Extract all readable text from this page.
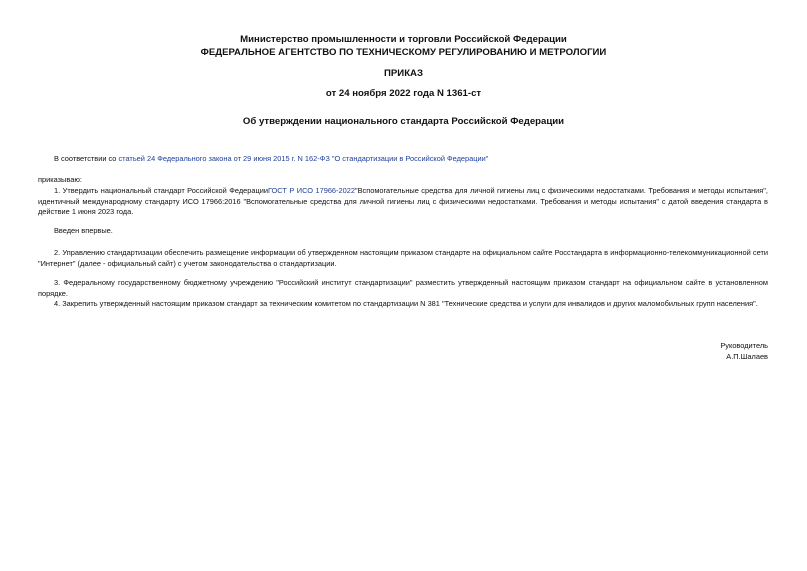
Министерство промышленности и торговли Российской Федерации
ФЕДЕРАЛЬНОЕ АГЕНТСТВО ПО ТЕХНИЧЕСКОМУ РЕГУЛИРОВАНИЮ И МЕТРОЛОГИИ
ПРИКАЗ
от 24 ноября 2022 года N 1361-ст
Об утверждении национального стандарта Российской Федерации
В соответствии со статьей 24 Федерального закона от 29 июня 2015 г. N 162-ФЗ "О стандартизации в Российской Федерации"
приказываю:
1. Утвердить национальный стандарт Российской ФедерацииГОСТ Р ИСО 17966-2022"Вспомогательные средства для личной гигиены лиц с физическими недостатками. Требования и методы испытания", идентичный международному стандарту ИСО 17966:2016 "Вспомогательные средства для личной гигиены лиц с физическими недостатками. Требования и методы испытания" с датой введения стандарта в действие 1 июня 2023 года.
Введен впервые.
2. Управлению стандартизации обеспечить размещение информации об утвержденном настоящим приказом стандарте на официальном сайте Росстандарта в информационно-телекоммуникационной сети "Интернет" (далее - официальный сайт) с учетом законодательства о стандартизации.
3. Федеральному государственному бюджетному учреждению "Российский институт стандартизации" разместить утвержденный настоящим приказом стандарт на официальном сайте в установленном порядке.
4. Закрепить утвержденный настоящим приказом стандарт за техническим комитетом по стандартизации N 381 "Технические средства и услуги для инвалидов и других маломобильных групп населения".
Руководитель
А.П.Шалаев
